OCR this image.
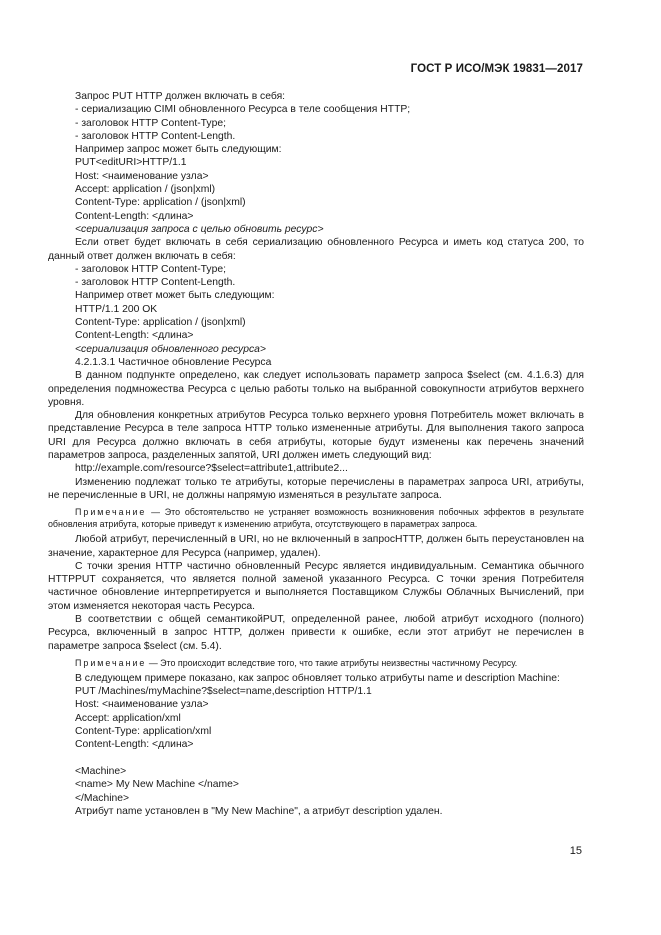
ГОСТ Р ИСО/МЭК 19831—2017

Запрос PUT HTTP должен включать в себя:

- сериализацию CIMI обновленного Ресурса в теле сообщения HTTP;

- заголовок HTTP Content-Type;

- заголовок HTTP Content-Length.

Например запрос может быть следующим:

PUT<editURI>HTTP/1.1

Host: <наименование узла>

Accept: application / (json|xml)

Content-Type: application / (json|xml)

Content-Length: <длина>

<сериализация запроса с целью обновить ресурс>

Если ответ будет включать в себя сериализацию обновленного Ресурса и иметь код статуса 200, то данный ответ должен включать в себя:

- заголовок HTTP Content-Type;

- заголовок HTTP Content-Length.

Например ответ может быть следующим:

HTTP/1.1 200 OK

Content-Type: application / (json|xml)

Content-Length: <длина>

<сериализация обновленного ресурса>

4.2.1.3.1 Частичное обновление Ресурса

В данном подпункте определено, как следует использовать параметр запроса $select (см. 4.1.6.3) для определения подмножества Ресурса с целью работы только на выбранной совокупности атрибутов верхнего уровня.

Для обновления конкретных атрибутов Ресурса только верхнего уровня Потребитель может включать в представление Ресурса в теле запроса HTTP только измененные атрибуты. Для выполнения такого запроса URI для Ресурса должно включать в себя атрибуты, которые будут изменены как перечень значений параметров запроса, разделенных запятой, URI должен иметь следующий вид:

http://example.com/resource?$select=attribute1,attribute2...

Изменению подлежат только те атрибуты, которые перечислены в параметрах запроса URI, атрибуты, не перечисленные в URI, не должны напрямую изменяться в результате запроса.

Примечание — Это обстоятельство не устраняет возможность возникновения побочных эффектов в результате обновления атрибута, которые приведут к изменению атрибута, отсутствующего в параметрах запроса.

Любой атрибут, перечисленный в URI, но не включенный в запросHTTP, должен быть переустановлен на значение, характерное для Ресурса (например, удален).

С точки зрения HTTP частично обновленный Ресурс является индивидуальным. Семантика обычного HTTPPUT сохраняется, что является полной заменой указанного Ресурса. С точки зрения Потребителя частичное обновление интерпретируется и выполняется Поставщиком Службы Облачных Вычислений, при этом изменяется некоторая часть Ресурса.

В соответствии с общей семантикойPUT, определенной ранее, любой атрибут исходного (полного) Ресурса, включенный в запрос HTTP, должен привести к ошибке, если этот атрибут не перечислен в параметре запроса $select (см. 5.4).

Примечание — Это происходит вследствие того, что такие атрибуты неизвестны частичному Ресурсу.

В следующем примере показано, как запрос обновляет только атрибуты name и description Machine:

PUT /Machines/myMachine?$select=name,description HTTP/1.1

Host: <наименование узла>

Accept: application/xml

Content-Type: application/xml

Content-Length: <длина>

<Machine>

<name> My New Machine </name>

</Machine>

Атрибут name установлен в "My New Machine", а атрибут description удален.

15
